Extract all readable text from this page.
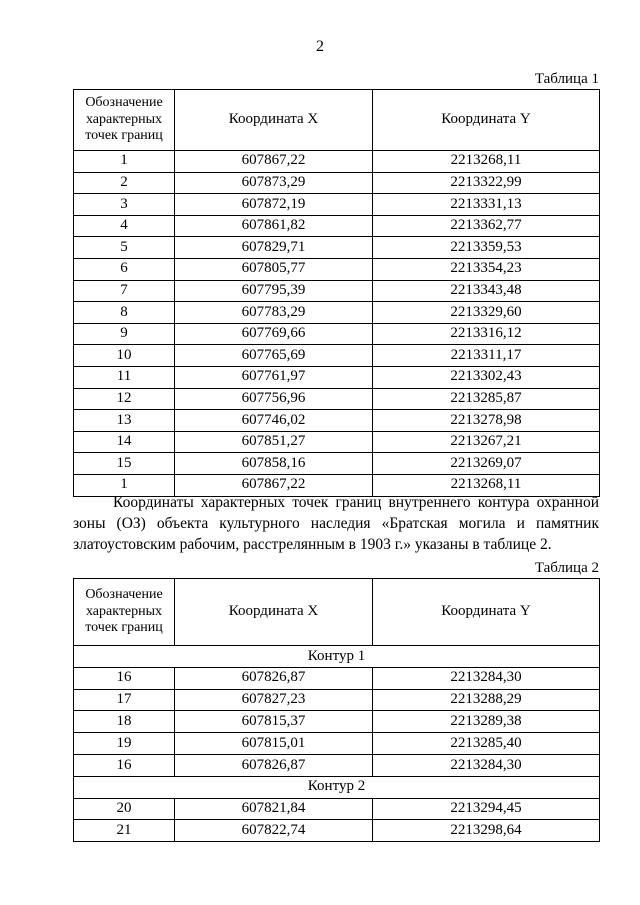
2
Таблица 1
Обозначение характерных точек границ	Координата X	Координата Y
1	607867,22	2213268,11
2	607873,29	2213322,99
3	607872,19	2213331,13
4	607861,82	2213362,77
5	607829,71	2213359,53
6	607805,77	2213354,23
7	607795,39	2213343,48
8	607783,29	2213329,60
9	607769,66	2213316,12
10	607765,69	2213311,17
11	607761,97	2213302,43
12	607756,96	2213285,87
13	607746,02	2213278,98
14	607851,27	2213267,21
15	607858,16	2213269,07
1	607867,22	2213268,11

Координаты характерных точек границ внутреннего контура охранной зоны (ОЗ) объекта культурного наследия «Братская могила и памятник златоустовским рабочим, расстрелянным в 1903 г.» указаны в таблице 2.

Таблица 2
Обозначение характерных точек границ	Координата X	Координата Y
Контур 1		
16	607826,87	2213284,30
17	607827,23	2213288,29
18	607815,37	2213289,38
19	607815,01	2213285,40
16	607826,87	2213284,30
Контур 2		
20	607821,84	2213294,45
21	607822,74	2213298,64
